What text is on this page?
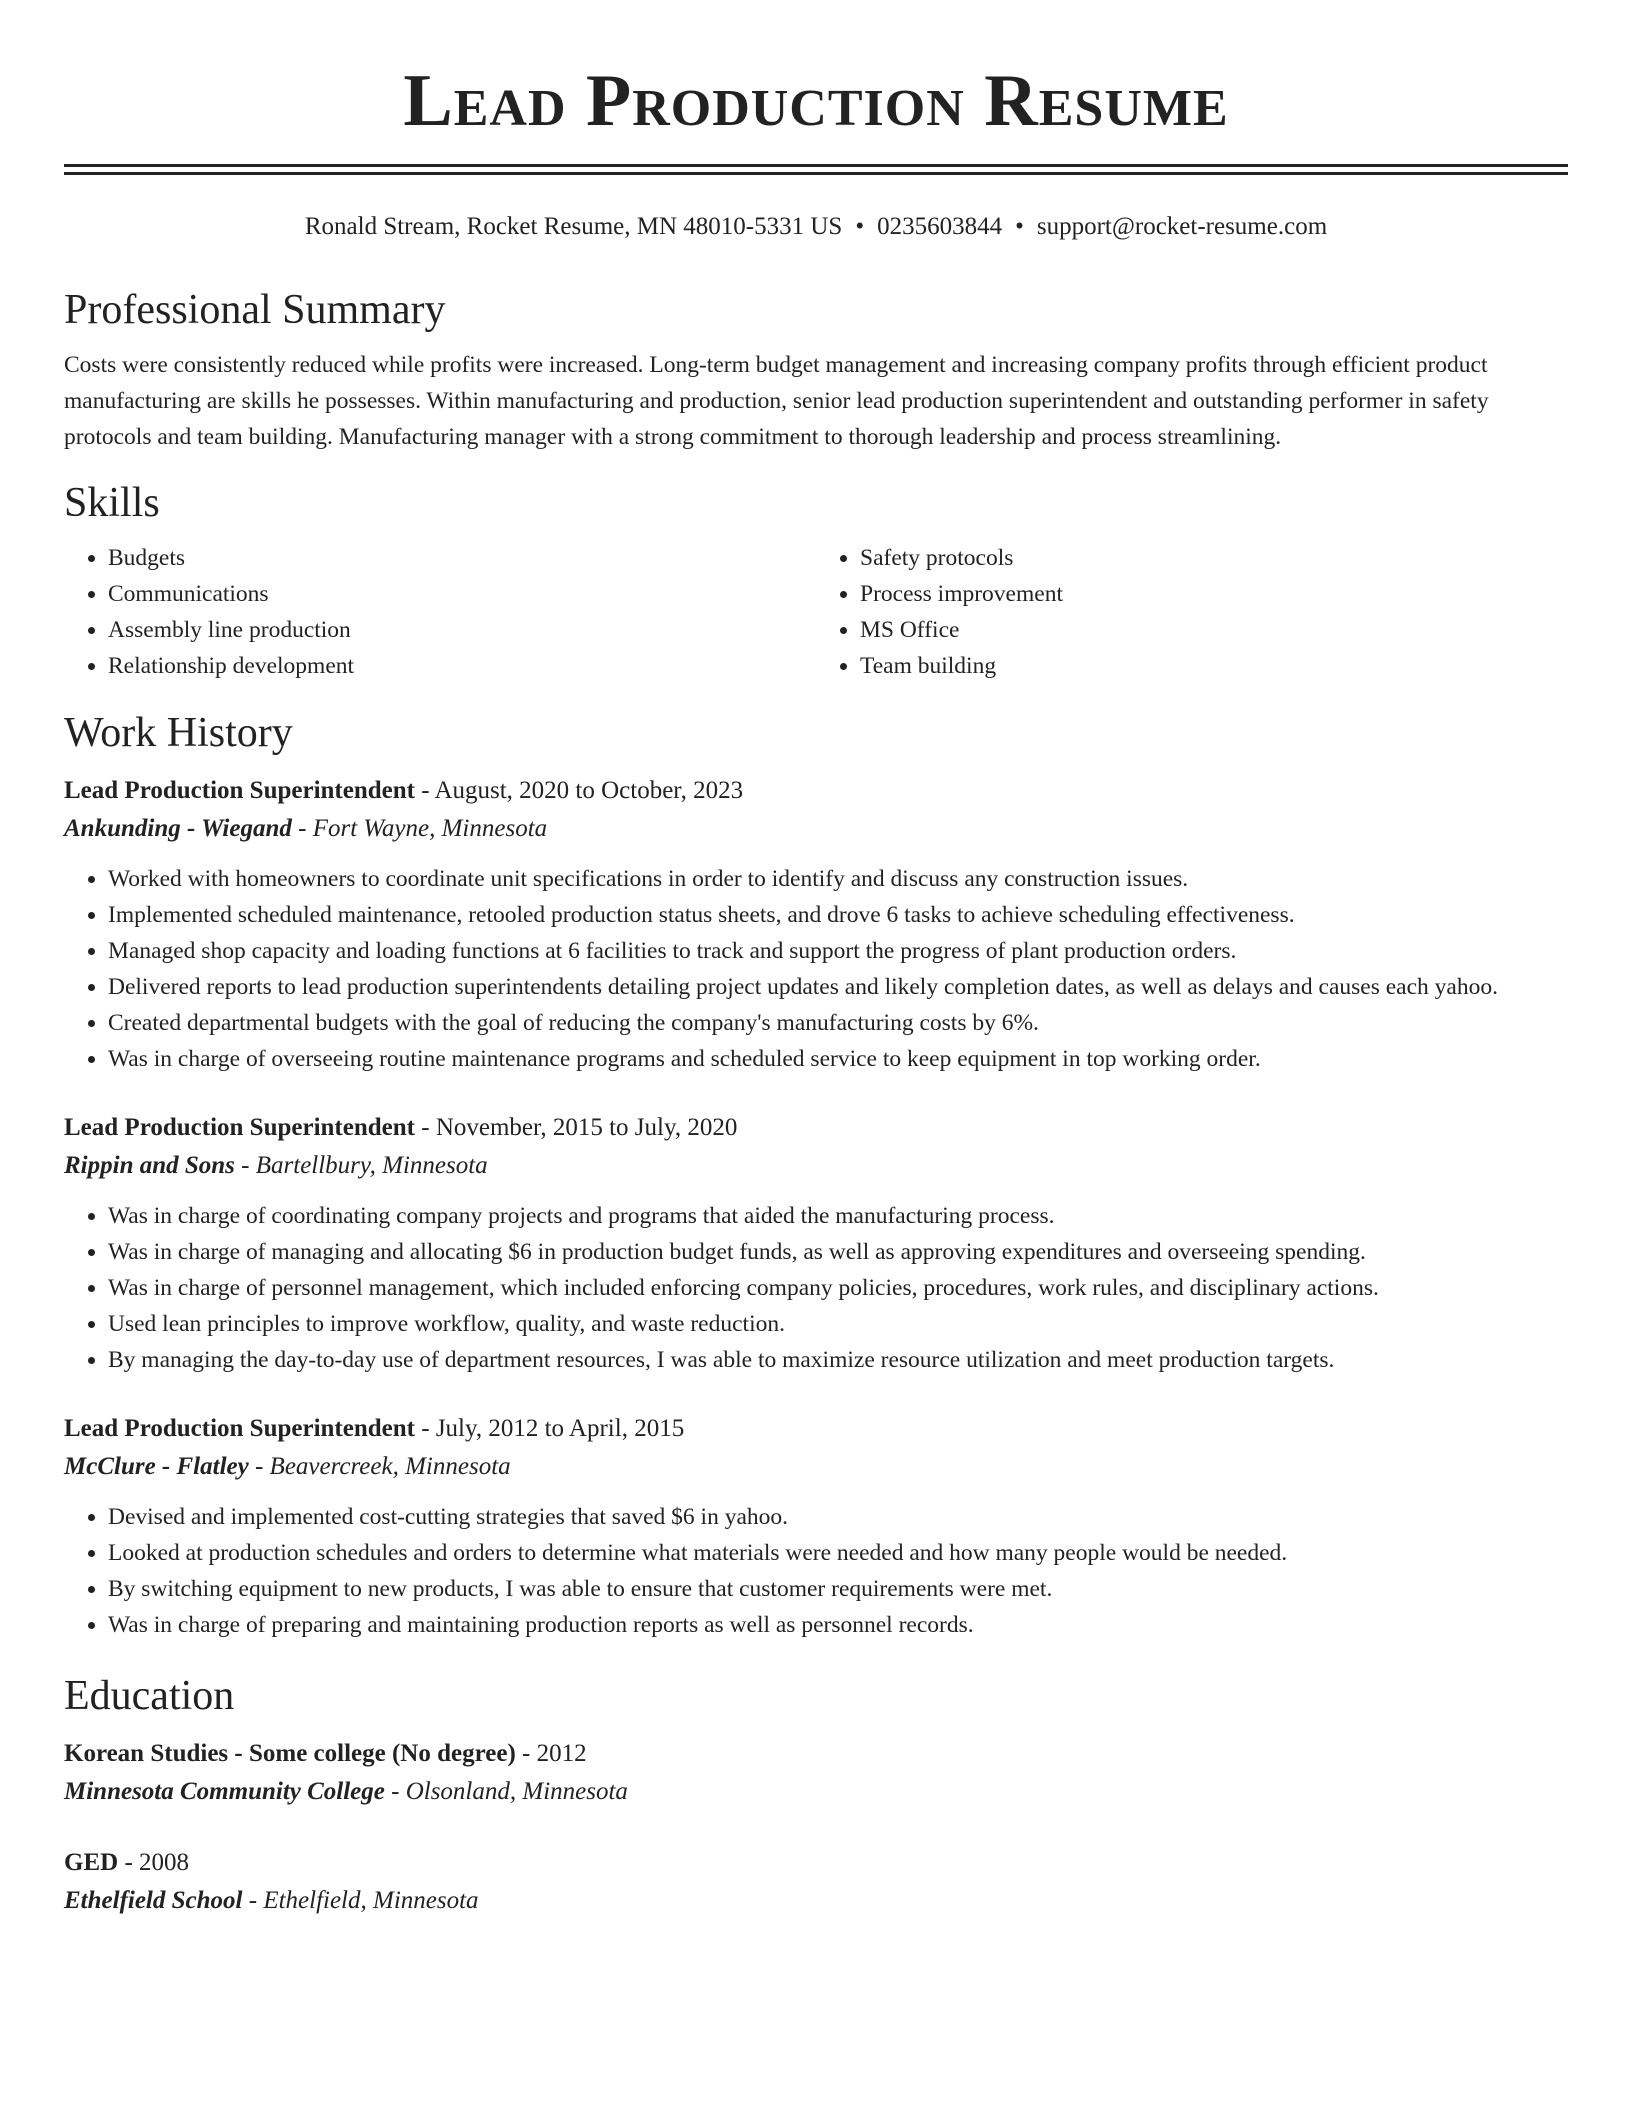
Lead Production Resume
Ronald Stream, Rocket Resume, MN 48010-5331 US • 0235603844 • support@rocket-resume.com
Professional Summary
Costs were consistently reduced while profits were increased. Long-term budget management and increasing company profits through efficient product manufacturing are skills he possesses. Within manufacturing and production, senior lead production superintendent and outstanding performer in safety protocols and team building. Manufacturing manager with a strong commitment to thorough leadership and process streamlining.
Skills
• Budgets
• Communications
• Assembly line production
• Relationship development
• Safety protocols
• Process improvement
• MS Office
• Team building
Work History
Lead Production Superintendent - August, 2020 to October, 2023
Ankunding - Wiegand - Fort Wayne, Minnesota
• Worked with homeowners to coordinate unit specifications in order to identify and discuss any construction issues.
• Implemented scheduled maintenance, retooled production status sheets, and drove 6 tasks to achieve scheduling effectiveness.
• Managed shop capacity and loading functions at 6 facilities to track and support the progress of plant production orders.
• Delivered reports to lead production superintendents detailing project updates and likely completion dates, as well as delays and causes each yahoo.
• Created departmental budgets with the goal of reducing the company's manufacturing costs by 6%.
• Was in charge of overseeing routine maintenance programs and scheduled service to keep equipment in top working order.
Lead Production Superintendent - November, 2015 to July, 2020
Rippin and Sons - Bartellbury, Minnesota
• Was in charge of coordinating company projects and programs that aided the manufacturing process.
• Was in charge of managing and allocating $6 in production budget funds, as well as approving expenditures and overseeing spending.
• Was in charge of personnel management, which included enforcing company policies, procedures, work rules, and disciplinary actions.
• Used lean principles to improve workflow, quality, and waste reduction.
• By managing the day-to-day use of department resources, I was able to maximize resource utilization and meet production targets.
Lead Production Superintendent - July, 2012 to April, 2015
McClure - Flatley - Beavercreek, Minnesota
• Devised and implemented cost-cutting strategies that saved $6 in yahoo.
• Looked at production schedules and orders to determine what materials were needed and how many people would be needed.
• By switching equipment to new products, I was able to ensure that customer requirements were met.
• Was in charge of preparing and maintaining production reports as well as personnel records.
Education
Korean Studies - Some college (No degree) - 2012
Minnesota Community College - Olsonland, Minnesota
GED - 2008
Ethelfield School - Ethelfield, Minnesota
